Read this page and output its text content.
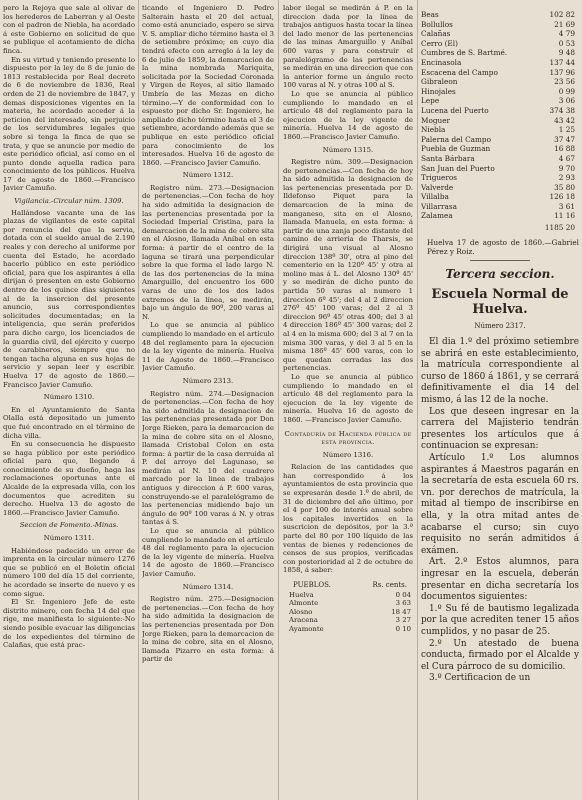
pero la Rejoya que sale al olivar de los herederos de Laberran y al Oeste con el padron de Niebla, ha acordado á este Gobierno en solicitud de que se publique el acotamiento de dicha finca.

En su virtud y teniendo presente lo dispuesto por la ley de 8 de junio de 1813 restablecida por Real decreto de 6 de noviembre de 1836, Real orden de 21 de noviembre de 1847, y demas disposiciones vigentes en la materia, he acordado acceder á la peticion del interesado, sin perjuicio de los servidumbres legales que sobre si tenga la finca de que se trata, y que se anuncie por medio de este periódico oficial, así como en el punto donde aquella radica para conocimiento de los públicos. Huelva 17 de agosto de 1860.—Francisco Javier Camuño.

Vigilancia.-Circular núm. 1309.

Hallándose vacante una de las plazas de vigilantes de este capital por renuncia del que la servia, dotada con el sueldo anual de 2.190 reales y con derecho al uniforme por cuenta del Estado, he acordado hacerlo público en este periódico oficial, para que los aspirantes á ella dirijan ó presenten en este Gobierno dentro de los quince dias siguientes al de la insercion del presente anuncio, sus correspondientes solicitudes documentadas; en la inteligencia, que serán preferidos para dicho cargo, los licenciados de la guardia civil, del ejército y cuerpo de carabineros, siempre que no tengan tacha alguna en sus hojas de servicio y sepan leer y escribir. Huelva 17 de agosto de 1860.—Francisco Javier Camuño.

Número 1310.

En el Ayuntamiento de Santa Olalla está depositado un jumento que fué encontrado en el término de dicha villa.

En su consecuencia he dispuesto se haga público por este periódico oficial para que, llegando á conocimiento de su dueño, haga las reclamaciones oportunas ante el Alcalde de la expresada villa, con los documentos que acrediten su derecho. Huelva 13 de agosto de 1860.—Francisco Javier Camuño.

Seccion de Fomento.-Minas.

Número 1311.

Habiéndose padecido un error de imprenta en la circular número 1276 que se publicó en el Boletin oficial número 100 del día 15 del corriente, he acordado se inserte de nuevo y es como sigue.

El Sr. Ingeniero Jefe de este distrito minero, con fecha 14 del que rige, me manifiesta lo siguiente:-No siendo posible evacuar las diligencias de los expedientes del término de Calañas, que está prac-

ticando el Ingeniero D. Pedro Salterain hasta el 20 del actual, como está anunciado, espero se sirva V. S. ampliar dicho término hasta el 3 de setiembre próximo; en cuyo dia tendrá efecto con arreglo á la ley de 6 de julio de 1859, la demarcacion de la mina nombrada Mariquita, solicitada por la Sociedad Coronada y Virgen de Reyes, al sitio llamado Umbría de las Mezas en dicho término.—Y de conformidad con lo espuesto por dicho Sr. Ingeniero, he ampliado dicho término hasta el 3 de setiembre, acordando además que se publique en este periódico oficial para conocimiento de los interesados. Huelva 16 de agosto de 1860. —Francisco Javier Camuño.

Número 1312.

Registro núm. 273.—Designacion de pertenencias.—Con fecha de hoy ha sido admitida la designacion de las pertenencias presentada por la Sociedad Imperial Cristina, para la demarcacion de la mina de cobre sita en el Alosno, llamada Aníbal en esta forma: á partir de el centro de la laguna se tirará una perpendicular sobre la que forma el lado largo N. de las dos pertenencias de la mina Amarguillo, del encuentro los 600 varas de uno de los dos lados extremos de la línea, se medirán, bajo un ángulo de 90º, 200 varas al N.

Lo que se anuncia al público cumpliendo lo mandado en el artículo 48 del reglamento para la ejecucion de la ley vigente de minería. Huelva 11 de Agosto de 1860.—Francisco Javier Camuño.

Número 2313.

Registro núm. 274.—Designacion de pertenencias.—Con fecha de hoy ha sido admitida la designacion de las pertenencias presentada por Don Jorge Rieken, para la demarcacion de la mina de cobre sita en el Alosno, llamada Cristobal Colon en esta forma: á partir de la casa derruida al P. del arroyo del Lagunaso, se medirán al N. 10 del cuadrero marcado por la linea de trabajos antiguos y direccion á P. 600 varas, construyendo-se el paralelógramo de las pertenencias midiendo bajo un ángulo de 90º 100 varas á N. y otras tantas á S.

Lo que se anuncia al público cumpliendo lo mandado en el artículo 48 del reglamento para la ejecucion de la ley vigente de minería. Huelva 14 de agosto de 1860.—Francisco Javier Camuño.

Número 1314.

Registro núm. 275.—Designacion de pertenencias.—Con fecha de hoy ha sido admitida la designacion de las pertenencias presentada por Don Jorge Rieken, para la demarcacion de la mina de cobre, sita en el Alosno, llamada Pizarro en esta forma: á partir de

labor ilegal se medirán á P. en la direccion dada por la línea de trabajos antiguos hasta tocar la línea del lado menor de las pertenencias de las minas Amarguillo y Aníbal 600 varas y para construir el paralelógramo de las pertenencias se medirán en una direccion que con la anterior forme un ángulo recto 100 varas al N. y otras 100 al S.

Lo que se anuncia al público cumpliendo lo mandado en el artículo 48 del reglamento para la ejecucion de la ley vigente de minería. Huelva 14 de agosto de 1860.—Francisco Javier Camuño.

Número 1315.

Registro núm. 309.—Designacion de pertenencias.—Con fecha de hoy ha sido admitida la designacion de las pertenencias presentada por D. Ildefonso Piquet para la demarcacion de la mina de manganeso, sita en el Alosno, llamada Manuela, en esta forma: á partir de una zanja poco distante del camino de arriería de Tharsis, se dirigirá una visual al Alosno direccion 138º 30', otra al pino del cementerio en la 120º 45' y otra al molino mas á L. del Alosno 130º 45' y se medirán de dicho punto de partida 50 varas al numero 1 direccion 6º 45'; del 4 al 2 direccion 276º 45' 100 varas; del 2 al 3 direccion 96º 45' otras 400; del 3 al 4 direccion 186º 45' 300 varas; del 2 al 4 en la misma 600; del 3 al 7 en la misma 300 varas, y del 3 al 5 en la misma 186º 45' 600 varas, con lo que quedan cerradas las dos pertenencias.

Lo que se anuncia al público cumpliendo lo mandado en el artículo 48 del reglamento para la ejecucion de la ley vigente de minería. Huelva 16 de agosto de 1860. —Francisco Javier Camuño.

Contaduría de Hacienda pública de esta provincia.

Número 1316.

Relacion de las cantidades que han correspondido á los ayuntamientos de esta provincia que se expresarán desde 1.º de abril, de 31 de diciembre del año último, por el 4 por 100 de interés anual sobre los capitales invertidos en la suscricion de depósitos, por la 3.ª parte del 80 por 100 líquido de las ventas de bienes y redenciones de censos de sus propios, verificadas con posterioridad al 2 de octubre de 1858, á saber:

PUEBLOS.	Rs. cents.
Huelva	0 04
Almonte	3 63
Alosno	18 47
Aracena	3 27
Ayamonte	0 10
Beas	102 82
Bollullos	21 69
Calañas	4 79
Cerro (El)	0 53
Cumbres de S. Bartmé.	9 48
Encinasola	137 44
Escacena del Campo	137 96
Gibraleon	23 56
Hinojales	0 99
Lepe	3 06
Lucena del Puerto	374 38
Moguer	43 42
Niebla	1 25
Palerna del Campo	37 47
Puebla de Guzman	16 88
Santa Bárbara	4 67
San Juan del Puerto	9 70
Trigueros	2 93
Valverde	35 80
Villalba	126 18
Villarrasa	3 61
Zalamea	11 16
1185 20

Huelva 17 de agosto de 1860.—Gabriel Pérez y Roiz.

Tercera seccion.

Escuela Normal de Huelva.

Número 2317.

El dia 1.º del próximo setiembre se abrirá en este establecimiento, la matrícula correspondiente al curso de 1860 á 1861, y se cerrará definitivamente el dia 14 del mismo, á las 12 de la noche.

Los que deseen ingresar en la carrera del Majisterio tendrán presentes los artículos que á continuacion se expresan:

Artículo 1.º Los alumnos aspirantes á Maestros pagarán en la secretaría de esta escuela 60 rs. vn. por derechos de matrícula, la mitad al tiempo de inscribirse en ella, y la otra mitad antes de acabarse el curso; sin cuyo requisito no serán admitidos á exámen.

Art. 2.º Estos alumnos, para ingresar en la escuela, deberán presentar en dicha secretaría los documentos siguientes:

1.º Su fé de bautismo legalizada por la que acrediten tener 15 años cumplidos, y no pasar de 25.

2.º Un atestado de buena conducta, firmado por el Alcalde y el Cura párroco de su domicilio.

3.º Certificacion de un
